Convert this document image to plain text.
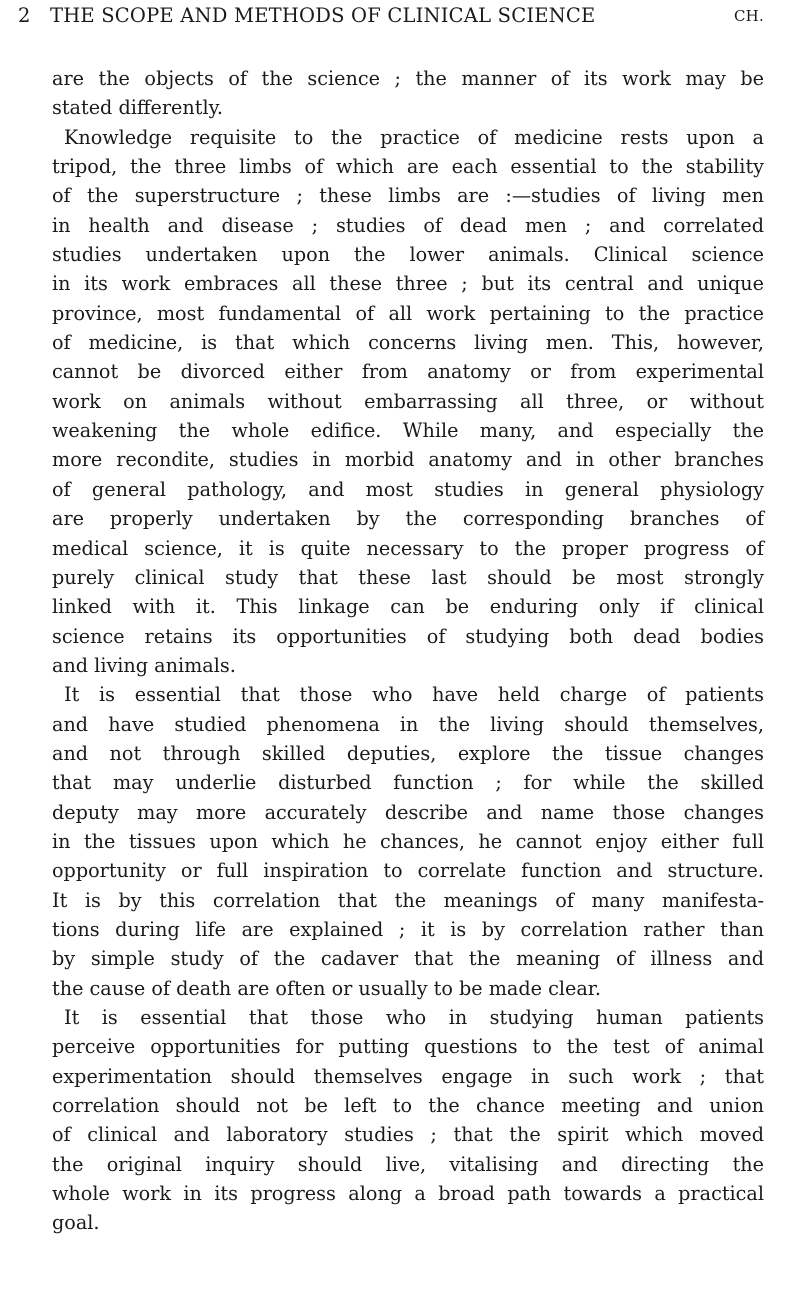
2 THE SCOPE AND METHODS OF CLINICAL SCIENCE	CH.
are the objects of the science ; the manner of its work may be
stated differently.
Knowledge requisite to the practice of medicine rests upon a
tripod, the three limbs of which are each essential to the stability
of the superstructure ; these limbs are :—studies of living men
in health and disease ; studies of dead men ; and correlated
studies undertaken upon the lower animals. Clinical science
in its work embraces all these three ; but its central and unique
province, most fundamental of all work pertaining to the practice
of medicine, is that which concerns living men. This, however,
cannot be divorced either from anatomy or from experimental
work on animals without embarrassing all three, or without
weakening the whole edifice. While many, and especially the
more recondite, studies in morbid anatomy and in other branches
of general pathology, and most studies in general physiology
are properly undertaken by the corresponding branches of
medical science, it is quite necessary to the proper progress of
purely clinical study that these last should be most strongly
linked with it. This linkage can be enduring only if clinical
science retains its opportunities of studying both dead bodies
and living animals.
It is essential that those who have held charge of patients
and have studied phenomena in the living should themselves,
and not through skilled deputies, explore the tissue changes
that may underlie disturbed function ; for while the skilled
deputy may more accurately describe and name those changes
in the tissues upon which he chances, he cannot enjoy either full
opportunity or full inspiration to correlate function and structure.
It is by this correlation that the meanings of many manifesta-
tions during life are explained ; it is by correlation rather than
by simple study of the cadaver that the meaning of illness and
the cause of death are often or usually to be made clear.
It is essential that those who in studying human patients
perceive opportunities for putting questions to the test of animal
experimentation should themselves engage in such work ; that
correlation should not be left to the chance meeting and union
of clinical and laboratory studies ; that the spirit which moved
the original inquiry should live, vitalising and directing the
whole work in its progress along a broad path towards a practical
goal.
